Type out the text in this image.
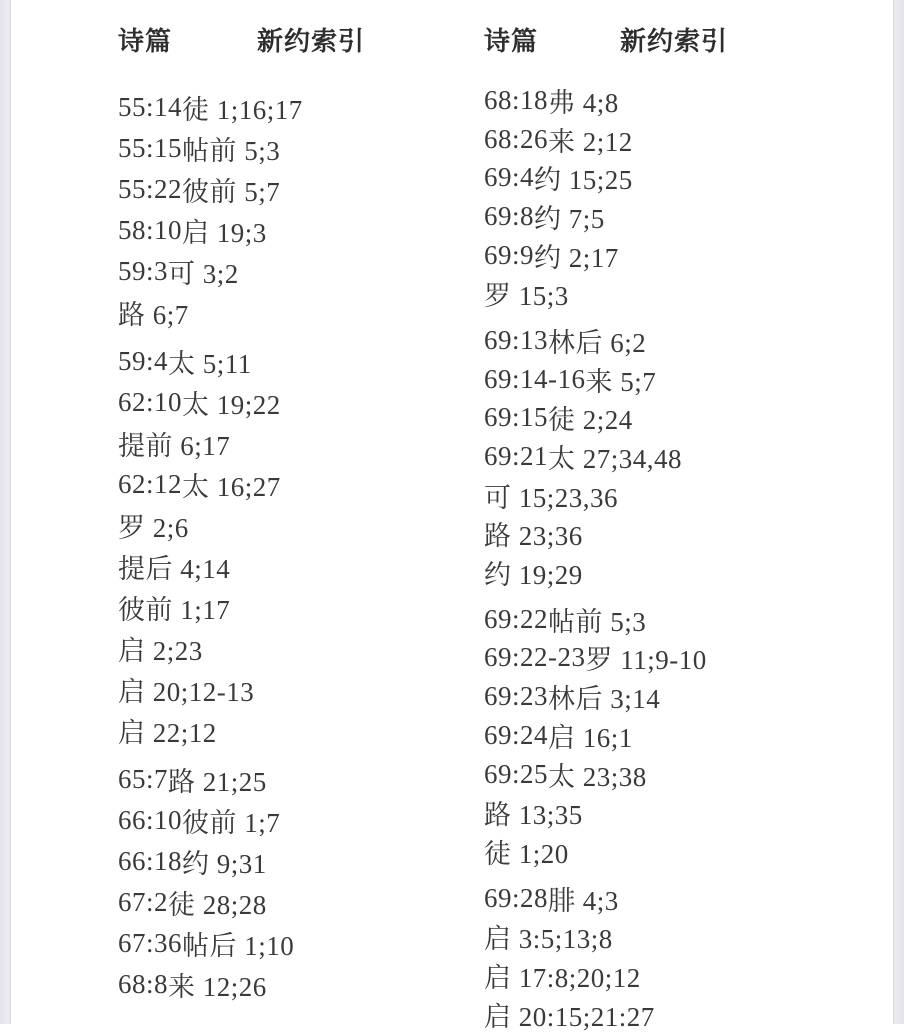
诗篇	新约索引
55:14 徒 1;16;17
55:15 帖前 5;3
55:22 彼前 5;7
58:10 启 19;3
59:3 可 3;2
路 6;7
59:4 太 5;11
62:10 太 19;22
提前 6;17
62:12 太 16;27
罗 2;6
提后 4;14
彼前 1;17
启 2;23
启 20;12-13
启 22;12
65:7 路 21;25
66:10 彼前 1;7
66:18 约 9;31
67:2 徒 28;28
67:36 帖后 1;10
68:8 来 12;26
诗篇	新约索引
68:18 弗 4;8
68:26 来 2;12
69:4 约 15;25
69:8 约 7;5
69:9 约 2;17
罗 15;3
69:13 林后 6;2
69:14-16 来 5;7
69:15 徒 2;24
69:21 太 27;34,48
可 15;23,36
路 23;36
约 19;29
69:22 帖前 5;3
69:22-23 罗 11;9-10
69:23 林后 3;14
69:24 启 16;1
69:25 太 23;38
路 13;35
徒 1;20
69:28 腓 4;3
启 3:5;13;8
启 17:8;20;12
启 20:15;21:27
